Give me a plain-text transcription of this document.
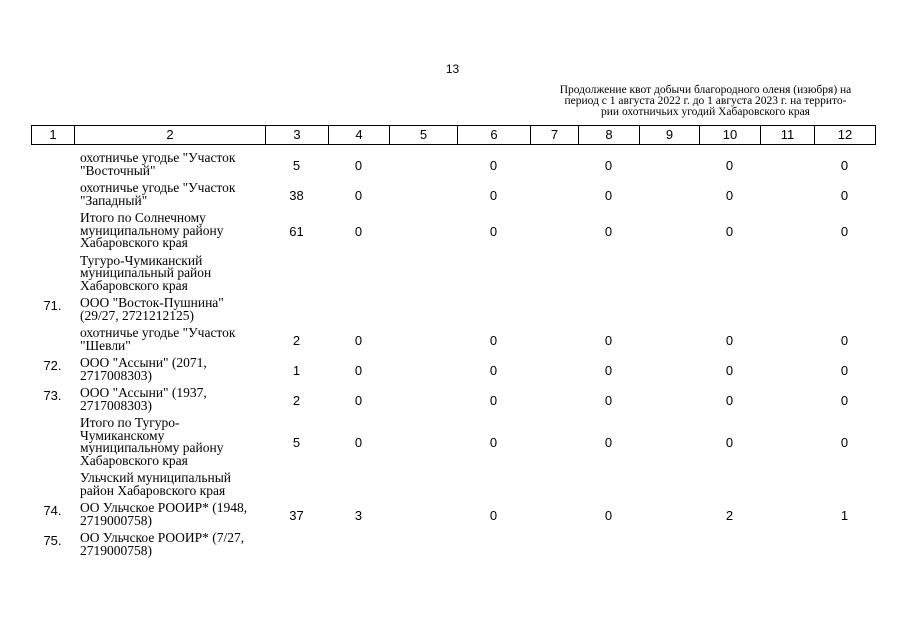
13
Продолжение квот добычи благородного оленя (изюбря) на
период с 1 августа 2022 г. до 1 августа 2023 г. на террито-
рии охотничьих угодий Хабаровского края
1	2	3	4	5	6	7	8	9	10	11	12

	охотничье угодье "Участок
"Восточный"	5	0		0		0		0		0

	охотничье угодье "Участок
"Западный"	38	0		0		0		0		0

	Итого по Солнечному
муниципальному району
Хабаровского края	61	0		0		0		0		0

	Тугуро-Чумиканский
муниципальный район
Хабаровского края										

71.	ООО "Восток-Пушнина"
(29/27, 2721212125)										

	охотничье угодье "Участок
"Шевли"	2	0		0		0		0		0
72.	ООО "Ассыни" (2071,
2717008303)	1	0		0		0		0		0
73.	ООО "Ассыни" (1937,
2717008303)	2	0		0		0		0		0

	Итого по Тугуро-
Чумиканскому
муниципальному району
Хабаровского края	5	0		0		0		0		0

	Ульчский муниципальный
район Хабаровского края										

74.	ОО Ульчское РООИР* (1948,
2719000758)	37	3		0		0		2		1
75.	ОО Ульчское РООИР* (7/27,
2719000758)										
